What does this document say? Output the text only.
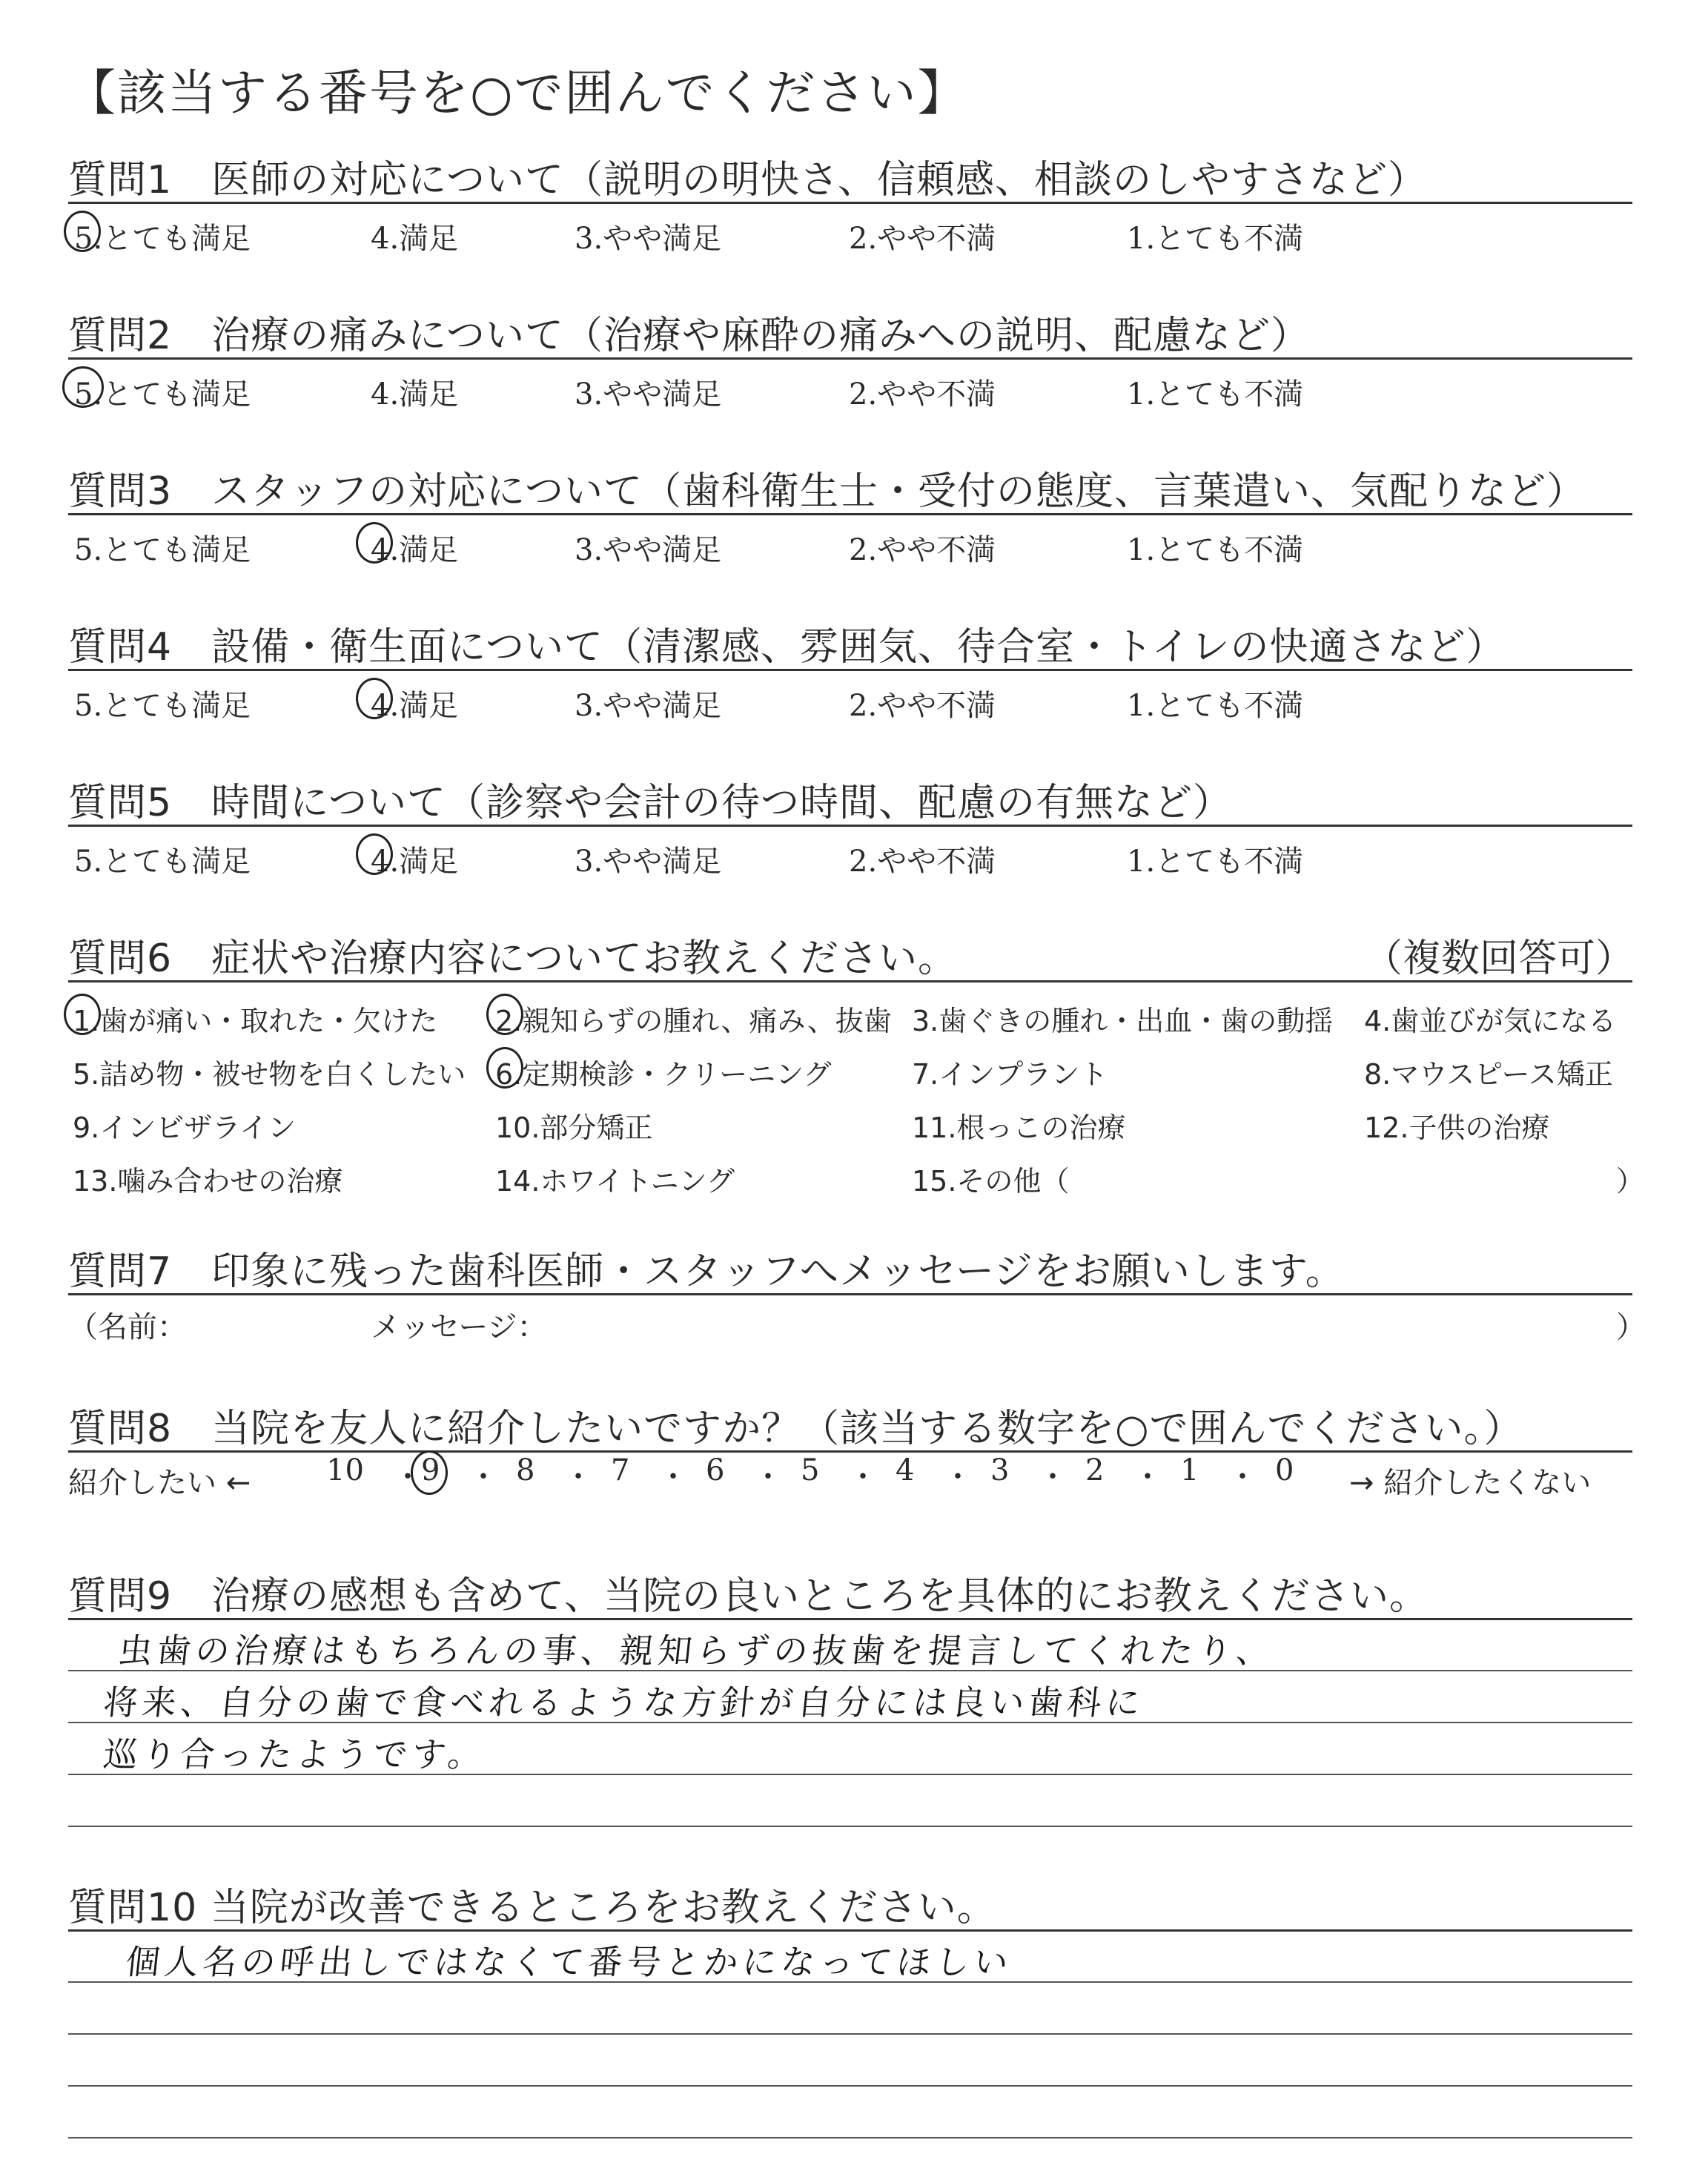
【該当する番号を○で囲んでください】
質問1　医師の対応について（説明の明快さ、信頼感、相談のしやすさなど）
5.とても満足	4.満足	3.やや満足	2.やや不満	1.とても不満
質問2　治療の痛みについて（治療や麻酔の痛みへの説明、配慮など）
5.とても満足	4.満足	3.やや満足	2.やや不満	1.とても不満
質問3　スタッフの対応について（歯科衛生士・受付の態度、言葉遣い、気配りなど）
5.とても満足	4.満足	3.やや満足	2.やや不満	1.とても不満
質問4　設備・衛生面について（清潔感、雰囲気、待合室・トイレの快適さなど）
5.とても満足	4.満足	3.やや満足	2.やや不満	1.とても不満
質問5　時間について（診察や会計の待つ時間、配慮の有無など）
5.とても満足	4.満足	3.やや満足	2.やや不満	1.とても不満
質問6　症状や治療内容についてお教えください。	（複数回答可）
1.歯が痛い・取れた・欠けた 2.親知らずの腫れ、痛み、抜歯 3.歯ぐきの腫れ・出血・歯の動揺 4.歯並びが気になる
5.詰め物・被せ物を白くしたい 6.定期検診・クリーニング	7.インプラント	8.マウスピース矯正
9.インビザライン	10.部分矯正	11.根っこの治療	12.子供の治療
13.噛み合わせの治療	14.ホワイトニング	15.その他（	）
質問7　印象に残った歯科医師・スタッフへメッセージをお願いします。
（名前：	メッセージ：	）
質問8　当院を友人に紹介したいですか？（該当する数字を○で囲んでください。）
紹介したい ←	10 ・
9 ・ 8 ・ 7 ・ 6 ・ 5 ・ 4 ・ 3 ・ 2 ・ 1 ・ 0 → 紹介したくない
質問9　治療の感想も含めて、当院の良いところを具体的にお教えください。
虫歯の治療はもちろんの事、親知らずの抜歯を提言してくれたり、
将来、自分の歯で食べれるような方針が自分には良い歯科に
巡り合ったようです。
質問10 当院が改善できるところをお教えください。
個人名の呼出しではなくて番号とかになってほしい
